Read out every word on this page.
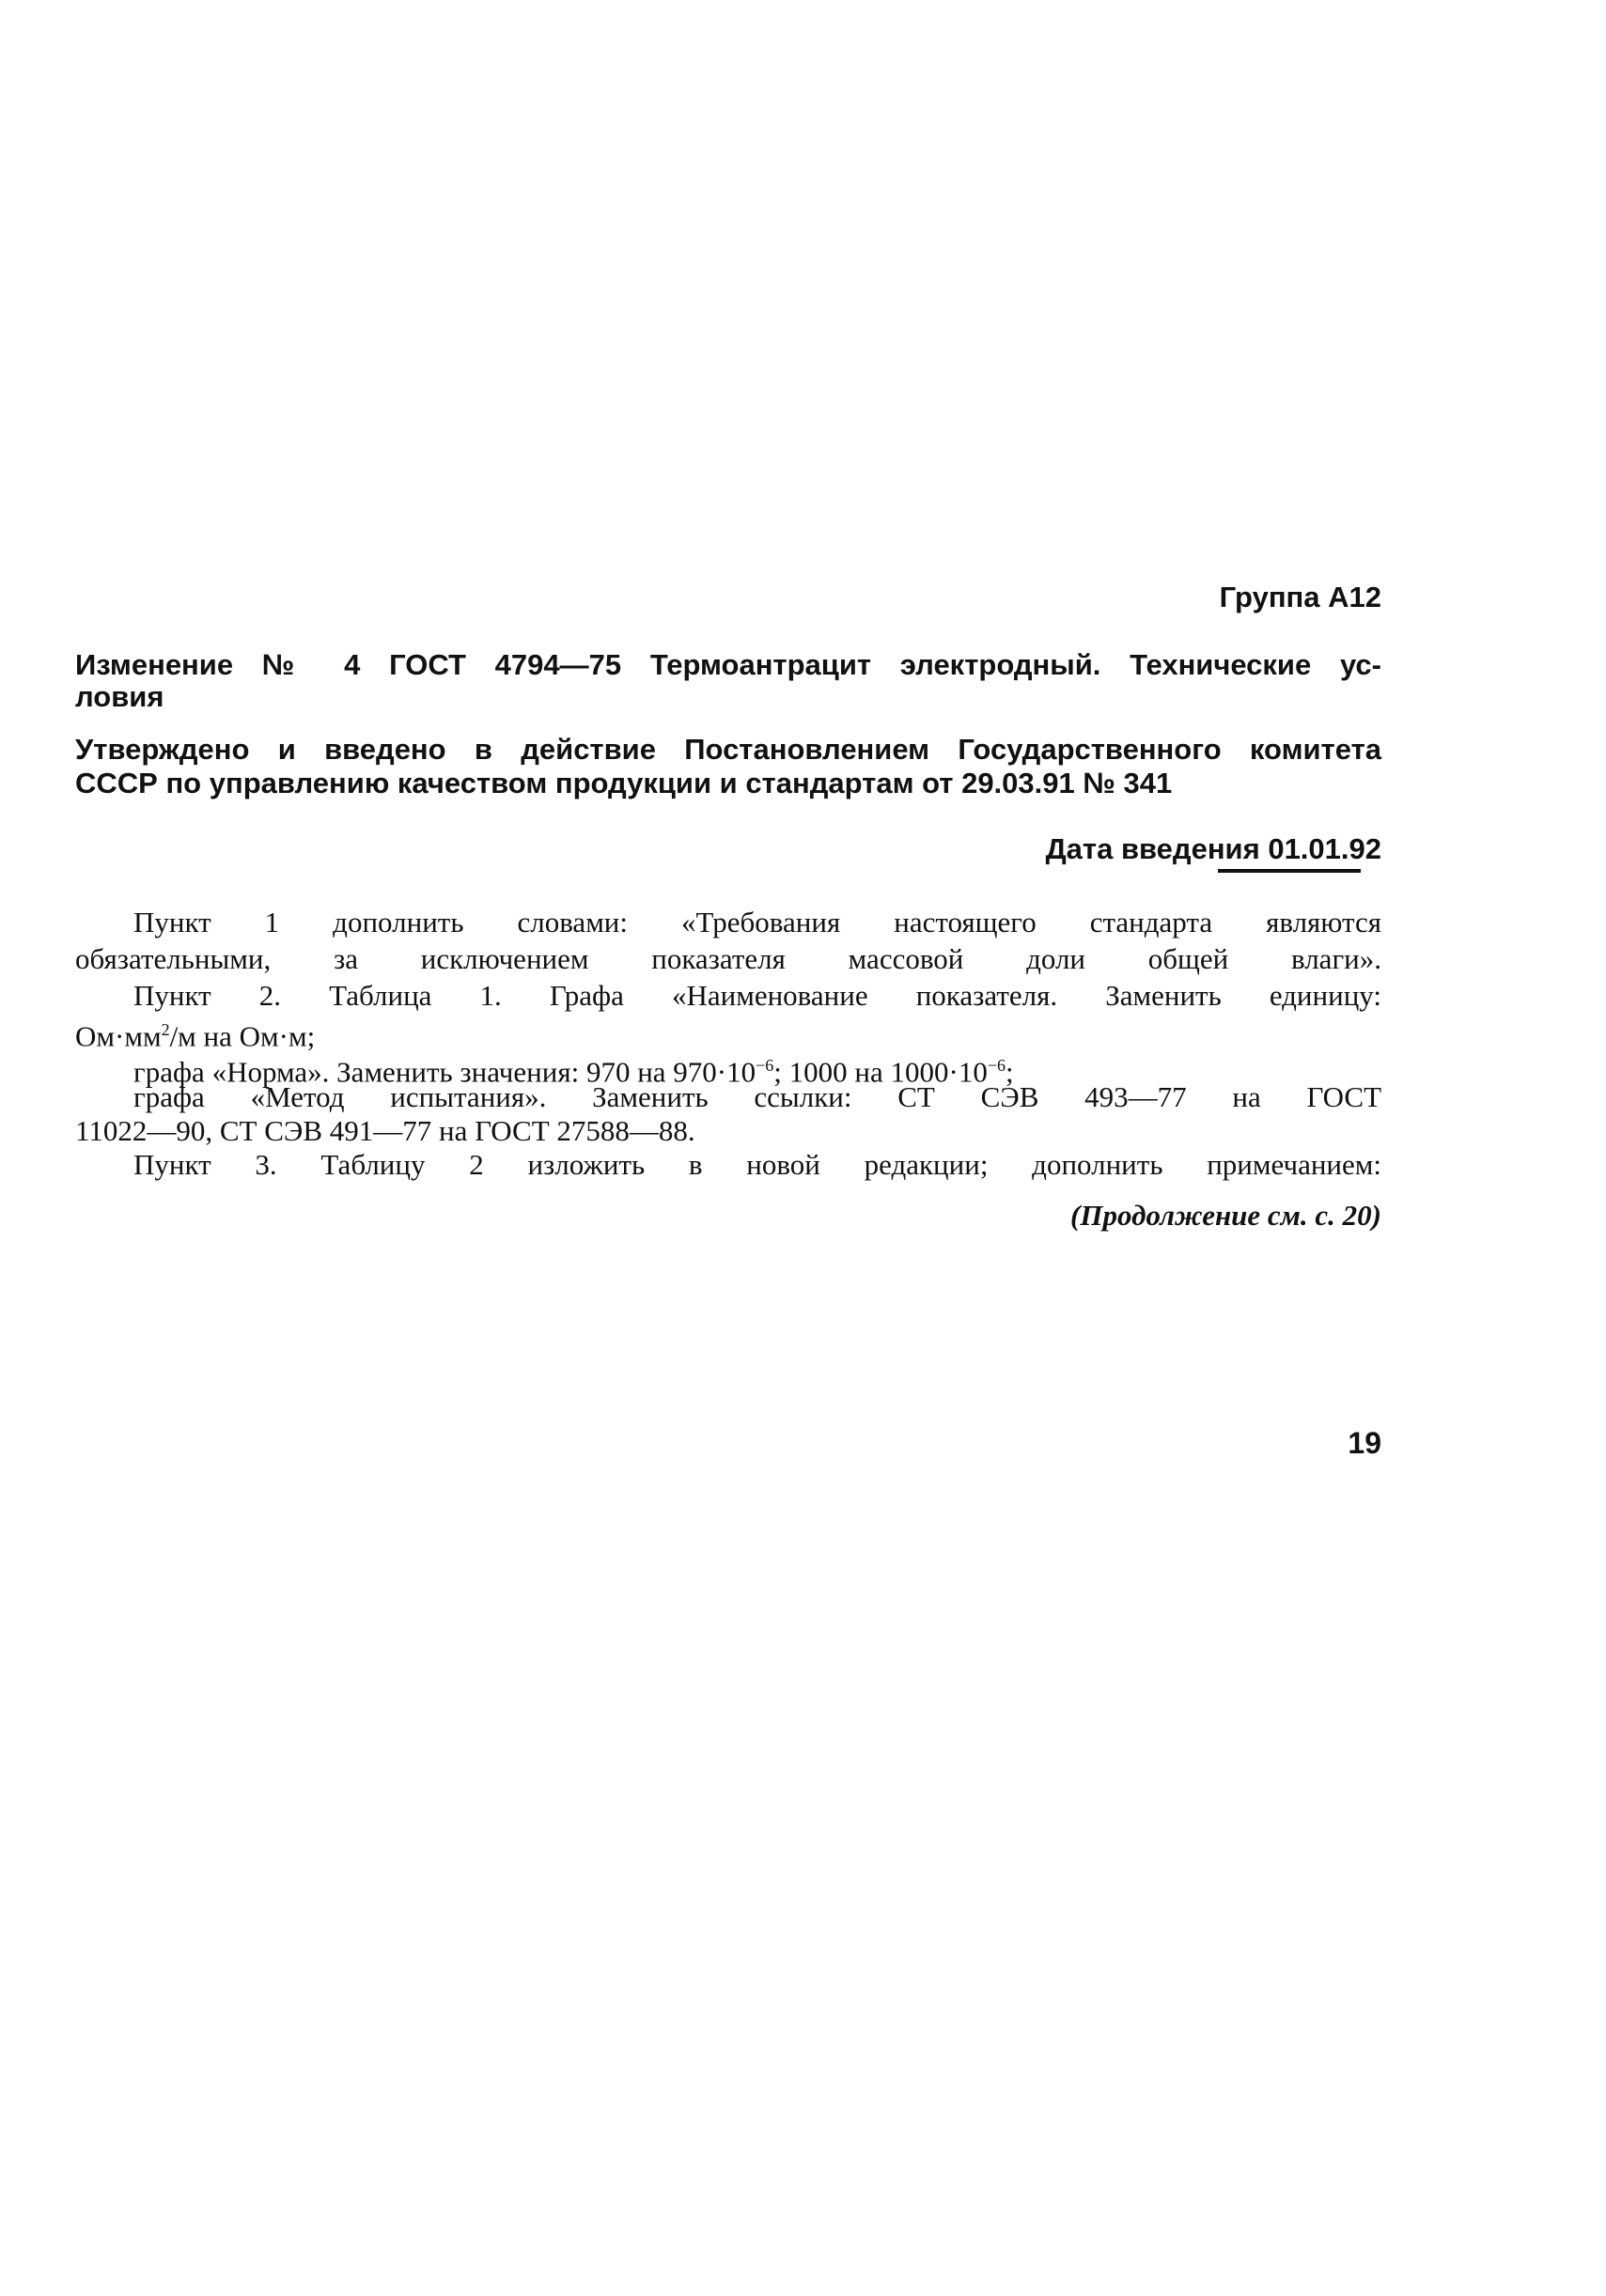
Группа А12
Изменение № 4 ГОСТ 4794—75 Термоантрацит электродный. Технические ус-
ловия
Утверждено и введено в действие Постановлением Государственного комитета
СССР по управлению качеством продукции и стандартам от 29.03.91 № 341
Дата введения 01.01.92
Пункт 1 дополнить словами: «Требования настоящего стандарта являются
обязательными, за исключением показателя массовой доли общей влаги».
Пункт 2. Таблица 1. Графа «Наименование показателя. Заменить единицу:
$Ом\cdot мм^2/м$ на Ом·м;
графа «Норма». Заменить значения: 970 на $970\cdot 10^{-6}$; 1000 на $1000\cdot 10^{-6}$;
графа «Метод испытания». Заменить ссылки: СТ СЭВ 493—77 на ГОСТ
11022—90, СТ СЭВ 491—77 на ГОСТ 27588—88.
Пункт 3. Таблицу 2 изложить в новой редакции; дополнить примечанием:
(Продолжение см. с. 20)
19
